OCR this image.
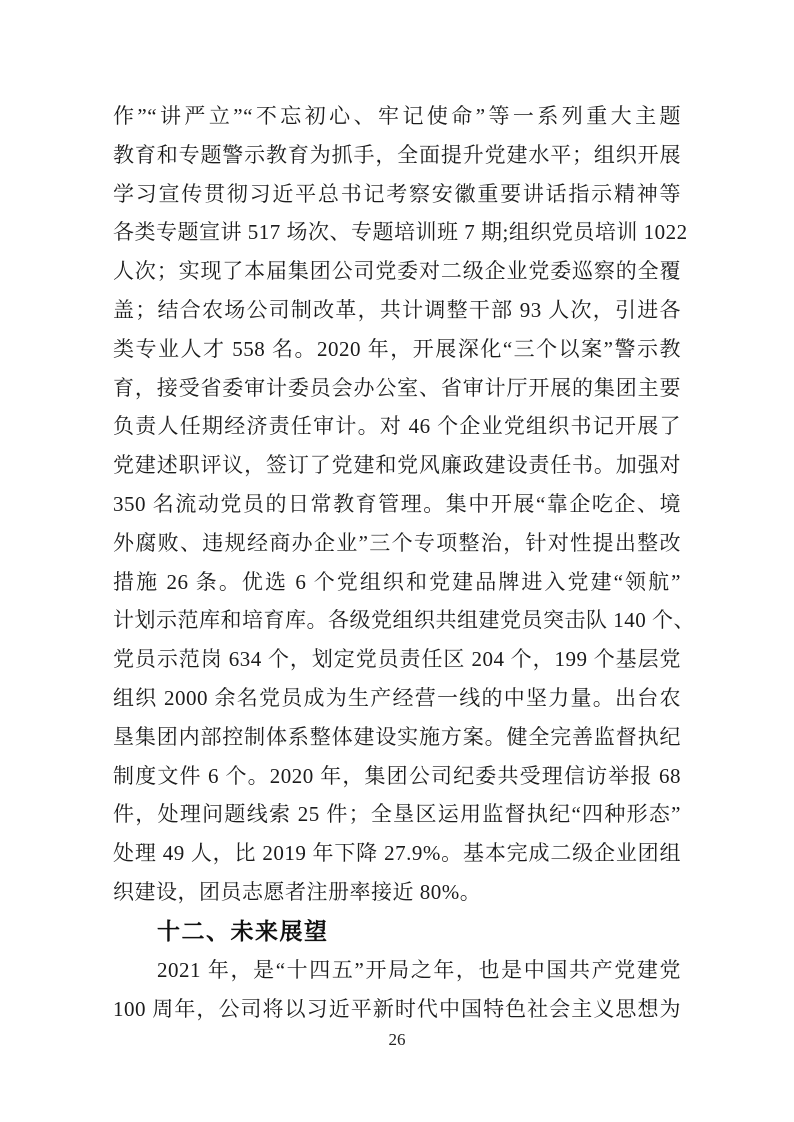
作”“讲严立”“不忘初心、牢记使命”等一系列重大主题
教育和专题警示教育为抓手，全面提升党建水平；组织开展
学习宣传贯彻习近平总书记考察安徽重要讲话指示精神等
各类专题宣讲 517 场次、专题培训班 7 期;组织党员培训 1022
人次；实现了本届集团公司党委对二级企业党委巡察的全覆
盖；结合农场公司制改革，共计调整干部 93 人次，引进各
类专业人才 558 名。2020 年，开展深化“三个以案”警示教
育，接受省委审计委员会办公室、省审计厅开展的集团主要
负责人任期经济责任审计。对 46 个企业党组织书记开展了
党建述职评议，签订了党建和党风廉政建设责任书。加强对
350 名流动党员的日常教育管理。集中开展“靠企吃企、境
外腐败、违规经商办企业”三个专项整治，针对性提出整改
措施 26 条。优选 6 个党组织和党建品牌进入党建“领航”
计划示范库和培育库。各级党组织共组建党员突击队 140 个、
党员示范岗 634 个，划定党员责任区 204 个，199 个基层党
组织 2000 余名党员成为生产经营一线的中坚力量。出台农
垦集团内部控制体系整体建设实施方案。健全完善监督执纪
制度文件 6 个。2020 年，集团公司纪委共受理信访举报 68
件，处理问题线索 25 件；全垦区运用监督执纪“四种形态”
处理 49 人，比 2019 年下降 27.9%。基本完成二级企业团组
织建设，团员志愿者注册率接近 80%。
十二、未来展望
2021 年，是“十四五”开局之年，也是中国共产党建党
100 周年，公司将以习近平新时代中国特色社会主义思想为
26
